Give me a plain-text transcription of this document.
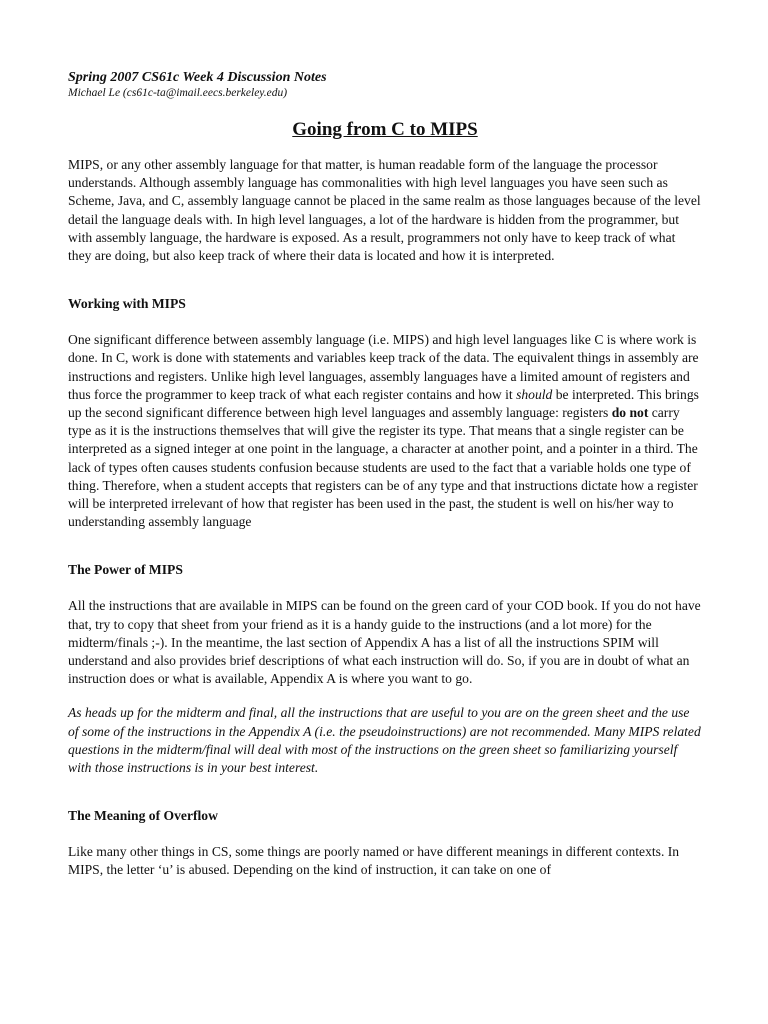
Spring 2007 CS61c Week 4 Discussion Notes

Michael Le (cs61c-ta@imail.eecs.berkeley.edu)

Going from C to MIPS

MIPS, or any other assembly language for that matter, is human readable form of the language the processor understands. Although assembly language has commonalities with high level languages you have seen such as Scheme, Java, and C, assembly language cannot be placed in the same realm as those languages because of the level detail the language deals with. In high level languages, a lot of the hardware is hidden from the programmer, but with assembly language, the hardware is exposed. As a result, programmers not only have to keep track of what they are doing, but also keep track of where their data is located and how it is interpreted.

Working with MIPS

One significant difference between assembly language (i.e. MIPS) and high level languages like C is where work is done. In C, work is done with statements and variables keep track of the data. The equivalent things in assembly are instructions and registers. Unlike high level languages, assembly languages have a limited amount of registers and thus force the programmer to keep track of what each register contains and how it should be interpreted. This brings up the second significant difference between high level languages and assembly language: registers do not carry type as it is the instructions themselves that will give the register its type. That means that a single register can be interpreted as a signed integer at one point in the language, a character at another point, and a pointer in a third. The lack of types often causes students confusion because students are used to the fact that a variable holds one type of thing. Therefore, when a student accepts that registers can be of any type and that instructions dictate how a register will be interpreted irrelevant of how that register has been used in the past, the student is well on his/her way to understanding assembly language

The Power of MIPS

All the instructions that are available in MIPS can be found on the green card of your COD book. If you do not have that, try to copy that sheet from your friend as it is a handy guide to the instructions (and a lot more) for the midterm/finals ;-). In the meantime, the last section of Appendix A has a list of all the instructions SPIM will understand and also provides brief descriptions of what each instruction will do. So, if you are in doubt of what an instruction does or what is available, Appendix A is where you want to go.

As heads up for the midterm and final, all the instructions that are useful to you are on the green sheet and the use of some of the instructions in the Appendix A (i.e. the pseudoinstructions) are not recommended. Many MIPS related questions in the midterm/final will deal with most of the instructions on the green sheet so familiarizing yourself with those instructions is in your best interest.

The Meaning of Overflow

Like many other things in CS, some things are poorly named or have different meanings in different contexts. In MIPS, the letter ‘u’ is abused. Depending on the kind of instruction, it can take on one of
